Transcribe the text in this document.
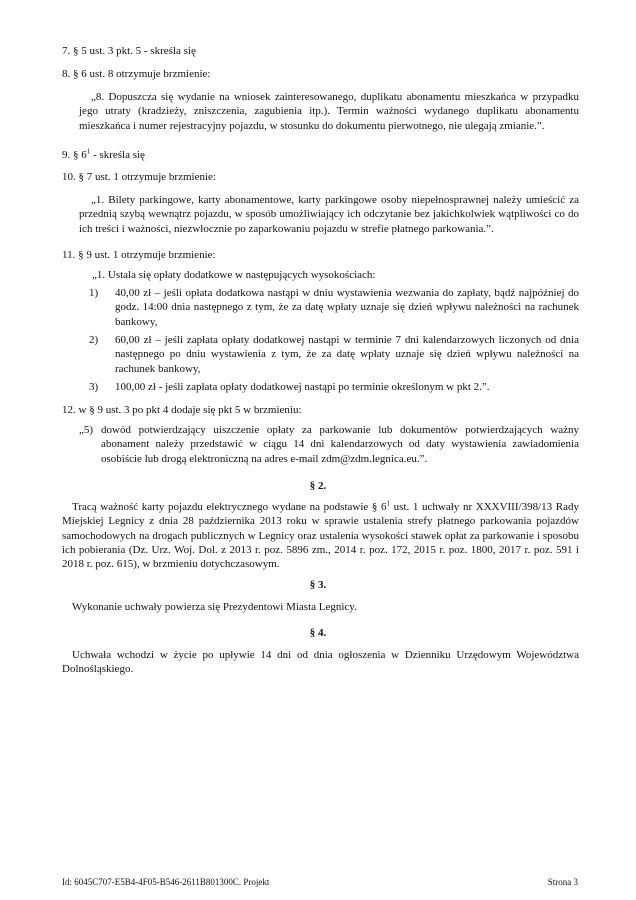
7. § 5 ust. 3 pkt. 5 - skreśla się

8. § 6 ust. 8 otrzymuje brzmienie:

„8. Dopuszcza się wydanie na wniosek zainteresowanego, duplikatu abonamentu mieszkańca w przypadku jego utraty (kradzieży, zniszczenia, zagubienia itp.). Termin ważności wydanego duplikatu abonamentu mieszkańca i numer rejestracyjny pojazdu, w stosunku do dokumentu pierwotnego, nie ulegają zmianie.”.

9. § $6^1$ - skreśla się

10. § 7 ust. 1 otrzymuje brzmienie:

„1. Bilety parkingowe, karty abonamentowe, karty parkingowe osoby niepełnosprawnej należy umieścić za przednią szybą wewnątrz pojazdu, w sposób umożliwiający ich odczytanie bez jakichkolwiek wątpliwości co do ich treści i ważności, niezwłocznie po zaparkowaniu pojazdu w strefie płatnego parkowania.”.

11. § 9 ust. 1 otrzymuje brzmienie:

„1. Ustala się opłaty dodatkowe w następujących wysokościach:

1)	40,00 zł – jeśli opłata dodatkowa nastąpi w dniu wystawienia wezwania do zapłaty, bądź najpóźniej do godz. 14:00 dnia następnego z tym, że za datę wpłaty uznaje się dzień wpływu należności na rachunek bankowy,
2)	60,00 zł – jeśli zapłata opłaty dodatkowej nastąpi w terminie 7 dni kalendarzowych liczonych od dnia następnego po dniu wystawienia z tym, że za datę wpłaty uznaje się dzień wpływu należności na rachunek bankowy,
3)	100,00 zł - jeśli zapłata opłaty dodatkowej nastąpi po terminie określonym w pkt 2.”.

12. w § 9 ust. 3 po pkt 4 dodaje się pkt 5 w brzmieniu:

„5) dowód potwierdzający uiszczenie opłaty za parkowanie lub dokumentów potwierdzających ważny abonament należy przedstawić w ciągu 14 dni kalendarzowych od daty wystawienia zawiadomienia osobiście lub drogą elektroniczną na adres e-mail zdm@zdm.legnica.eu.”.

§ 2.

Tracą ważność karty pojazdu elektrycznego wydane na podstawie § $6^1$ ust. 1 uchwały nr XXXVIII/398/13 Rady Miejskiej Legnicy z dnia 28 października 2013 roku w sprawie ustalenia strefy płatnego parkowania pojazdów samochodowych na drogach publicznych w Legnicy oraz ustalenia wysokości stawek opłat za parkowanie i sposobu ich pobierania (Dz. Urz. Woj. Dol. z 2013 r. poz. 5896 zm., 2014 r. poz. 172, 2015 r. poz. 1800, 2017 r. poz. 591 i 2018 r. poz. 615), w brzmieniu dotychczasowym.

§ 3.

Wykonanie uchwały powierza się Prezydentowi Miasta Legnicy.

§ 4.

Uchwała wchodzi w życie po upływie 14 dni od dnia ogłoszenia w Dzienniku Urzędowym Województwa Dolnośląskiego.

Id: 6045C707-E5B4-4F05-B546-2611B801300C. Projekt	Strona 3
